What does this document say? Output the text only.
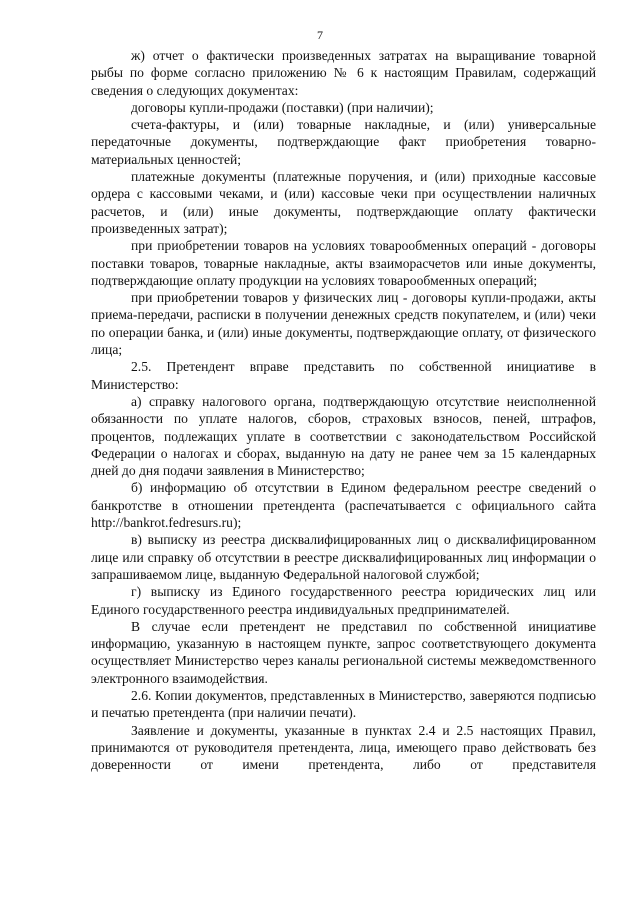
7

ж) отчет о фактически произведенных затратах на выращивание товарной рыбы по форме согласно приложению № 6 к настоящим Правилам, содержащий сведения о следующих документах:

договоры купли-продажи (поставки) (при наличии);

счета-фактуры, и (или) товарные накладные, и (или) универсальные передаточные документы, подтверждающие факт приобретения товарно-материальных ценностей;

платежные документы (платежные поручения, и (или) приходные кассовые ордера с кассовыми чеками, и (или) кассовые чеки при осуществлении наличных расчетов, и (или) иные документы, подтверждающие оплату фактически произведенных затрат);

при приобретении товаров на условиях товарообменных операций - договоры поставки товаров, товарные накладные, акты взаиморасчетов или иные документы, подтверждающие оплату продукции на условиях товарообменных операций;

при приобретении товаров у физических лиц - договоры купли-продажи, акты приема-передачи, расписки в получении денежных средств покупателем, и (или) чеки по операции банка, и (или) иные документы, подтверждающие оплату, от физического лица;

2.5. Претендент вправе представить по собственной инициативе в Министерство:

а) справку налогового органа, подтверждающую отсутствие неисполненной обязанности по уплате налогов, сборов, страховых взносов, пеней, штрафов, процентов, подлежащих уплате в соответствии с законодательством Российской Федерации о налогах и сборах, выданную на дату не ранее чем за 15 календарных дней до дня подачи заявления в Министерство;

б) информацию об отсутствии в Едином федеральном реестре сведений о банкротстве в отношении претендента (распечатывается с официального сайта http://bankrot.fedresurs.ru);

в) выписку из реестра дисквалифицированных лиц о дисквалифицированном лице или справку об отсутствии в реестре дисквалифицированных лиц информации о запрашиваемом лице, выданную Федеральной налоговой службой;

г) выписку из Единого государственного реестра юридических лиц или Единого государственного реестра индивидуальных предпринимателей.

В случае если претендент не представил по собственной инициативе информацию, указанную в настоящем пункте, запрос соответствующего документа осуществляет Министерство через каналы региональной системы межведомственного электронного взаимодействия.

2.6. Копии документов, представленных в Министерство, заверяются подписью и печатью претендента (при наличии печати).

Заявление и документы, указанные в пунктах 2.4 и 2.5 настоящих Правил, принимаются от руководителя претендента, лица, имеющего право действовать без доверенности от имени претендента, либо от представителя
